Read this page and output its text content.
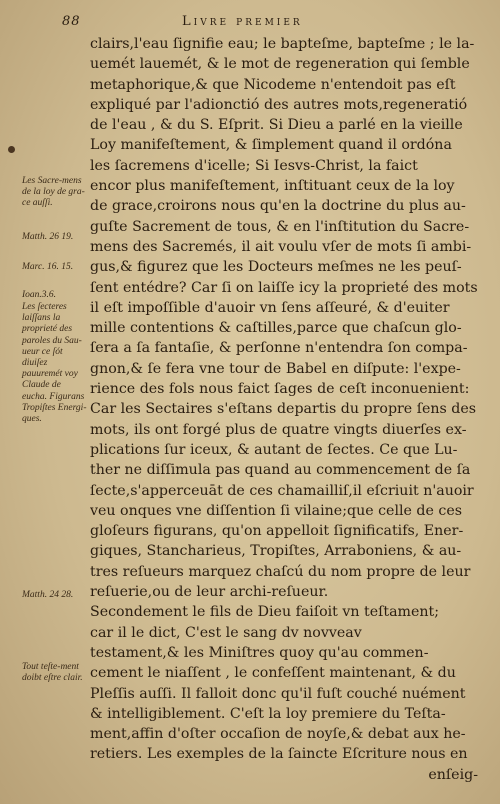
88	Livre premier
Les Sacre-mens de la loy de gra-ce auſſi.
Matth. 26 19.
Marc. 16. 15.
Ioan.3.6.
Les ſecteres laiſſans la proprieté des paroles du Sau-ueur ce ſót diuiſez pauuremét voy Claude de eucha. Figurans Tropiſtes Energi-ques.
Matth. 24 28.
Tout teſte-ment doibt eſtre clair.
clairs,l'eau ſignifie eau; le bapteſme, bapteſme ; le la-
uemét lauemét, & le mot de regeneration qui ſemble
metaphorique,& que Nicodeme n'entendoit pas eſt
expliqué par l'adionctió des autres mots,regeneratió
de l'eau , & du S. Eſprit. Si Dieu a parlé en la vieille
Loy manifeſtement, & ſimplement quand il ordóna
les ſacremens d'icelle; Si Iesvs-Christ, la faict
encor plus manifeſtement, inſtituant ceux de la loy
de grace,croirons nous qu'en la doctrine du plus au-
guſte Sacrement de tous, & en l'inſtitution du Sacre-
mens des Sacremés, il ait voulu vſer de mots ſi ambi-
gus,& figurez que les Docteurs meſmes ne les peuſ-
ſent entédre? Car ſi on laiſſe icy la proprieté des mots
il eſt impoſſible d'auoir vn ſens aſſeuré, & d'euiter
mille contentions & caſtilles,parce que chaſcun glo-
ſera a ſa fantaſie, & perſonne n'entendra ſon compa-
gnon,& ſe fera vne tour de Babel en diſpute: l'expe-
rience des fols nous faict ſages de ceſt inconuenient:
Car les Sectaires s'eſtans departis du propre ſens des
mots, ils ont forgé plus de quatre vingts diuerſes ex-
plications ſur iceux, & autant de ſectes. Ce que Lu-
ther ne diſſimula pas quand au commencement de ſa
ſecte,s'apperceuāt de ces chamailliſ,il eſcriuit n'auoir
veu onques vne diſſention ſi vilaine;que celle de ces
gloſeurs figurans, qu'on appelloit ſignificatifs, Ener-
giques, Stancharieus, Tropiſtes, Arraboniens, & au-
tres reſueurs marquez chaſcú du nom propre de leur
reſuerie,ou de leur archi-reſueur.
Secondement le fils de Dieu faiſoit vn teſtament;
car il le dict, C'est le sang dv novveav
testament,& les Miniſtres quoy qu'au commen-
cement le niaſſent , le confeſſent maintenant, & du
Pleſſis auſſi. Il falloit donc qu'il fuſt couché nuément
& intelligiblement. C'eſt la loy premiere du Teſta-
ment,affin d'oſter occaſion de noyſe,& debat aux he-
retiers. Les exemples de la ſaincte Eſcriture nous en
enſeig-
